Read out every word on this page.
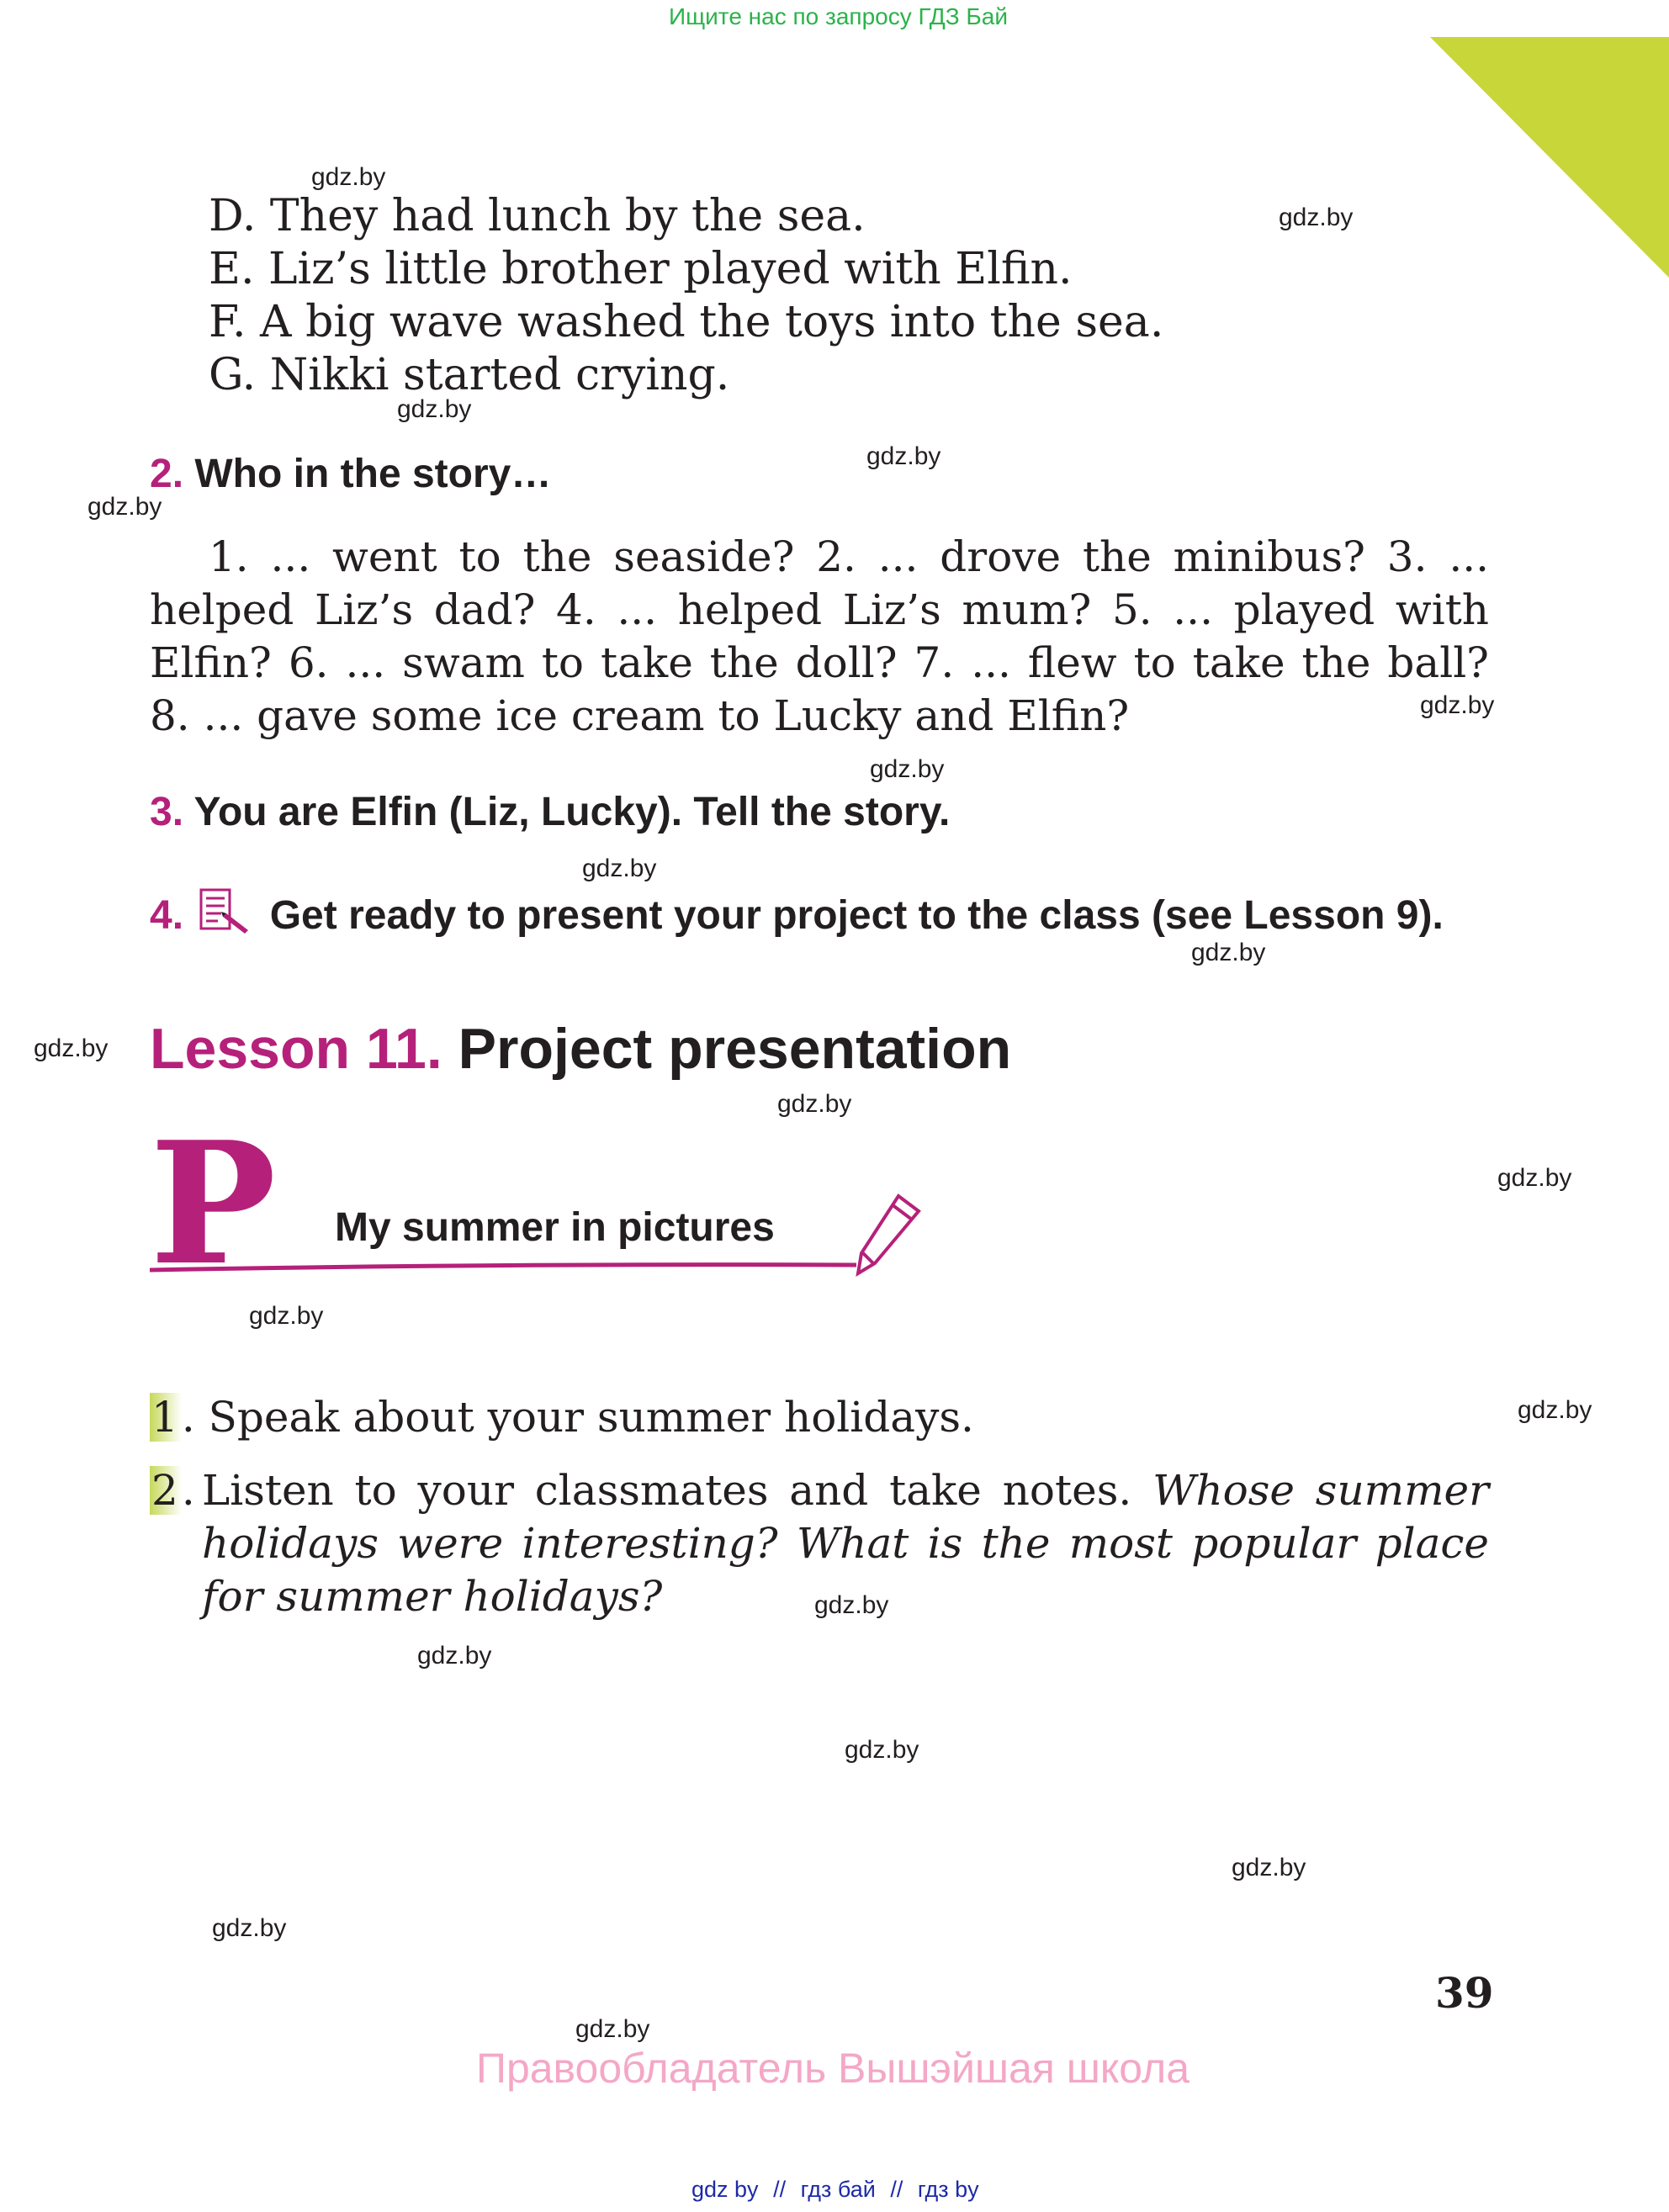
Ищите нас по запросу ГДЗ Бай
D. They had lunch by the sea.
E. Liz’s little brother played with Elfin.
F. A big wave washed the toys into the sea.
G. Nikki started crying.
2. Who in the story…
1. ... went to the seaside? 2. ... drove the minibus? 3. ... helped Liz’s dad? 4. ... helped Liz’s mum? 5. ... played with Elfin? 6. ... swam to take the doll? 7. ... flew to take the ball? 8. ... gave some ice cream to Lucky and Elfin?
3. You are Elfin (Liz, Lucky). Tell the story.
4. Get ready to present your project to the class (see Lesson 9).
Lesson 11. Project presentation
P My summer in pictures
1. Speak about your summer holidays.
2. Listen to your classmates and take notes. Whose summer holidays were interesting? What is the most popular place for summer holidays?
39
Правообладатель Вышэйшая школа
gdz by // гдз бай // гдз by
gdz.by
gdz.by
gdz.by
gdz.by
gdz.by
gdz.by
gdz.by
gdz.by
gdz.by
gdz.by
gdz.by
gdz.by
gdz.by
gdz.by
gdz.by
gdz.by
gdz.by
gdz.by
gdz.by
gdz.by
